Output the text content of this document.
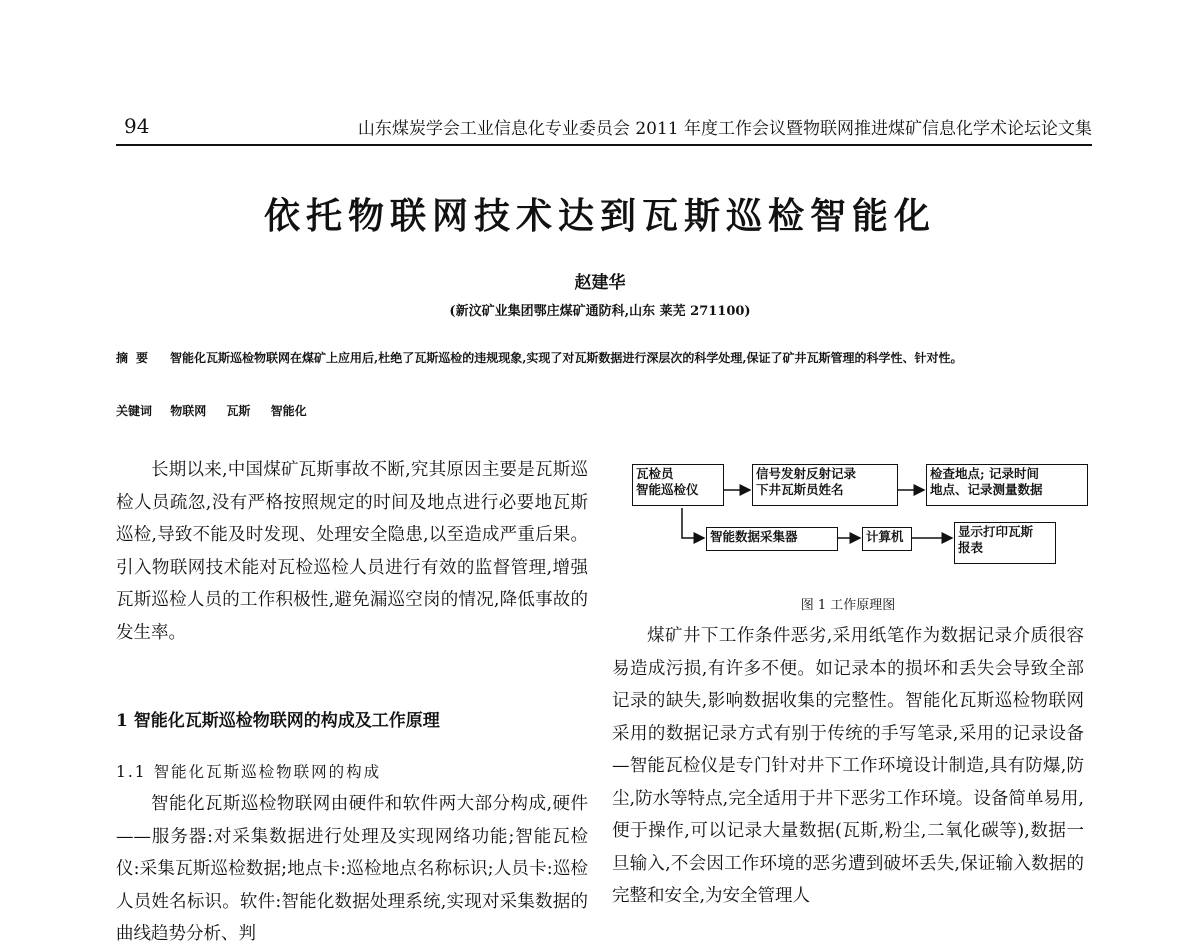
94	山东煤炭学会工业信息化专业委员会 2011 年度工作会议暨物联网推进煤矿信息化学术论坛论文集
依托物联网技术达到瓦斯巡检智能化
赵建华
(新汶矿业集团鄂庄煤矿通防科,山东 莱芜 271100)
摘要 智能化瓦斯巡检物联网在煤矿上应用后,杜绝了瓦斯巡检的违规现象,实现了对瓦斯数据进行深层次的科学处理,保证了矿井瓦斯管理的科学性、针对性。
关键词 物联网 瓦斯 智能化

长期以来,中国煤矿瓦斯事故不断,究其原因主要是瓦斯巡检人员疏忽,没有严格按照规定的时间及地点进行必要地瓦斯巡检,导致不能及时发现、处理安全隐患,以至造成严重后果。引入物联网技术能对瓦检巡检人员进行有效的监督管理,增强瓦斯巡检人员的工作积极性,避免漏巡空岗的情况,降低事故的发生率。

1 智能化瓦斯巡检物联网的构成及工作原理
1.1 智能化瓦斯巡检物联网的构成

智能化瓦斯巡检物联网由硬件和软件两大部分构成,硬件——服务器:对采集数据进行处理及实现网络功能;智能瓦检仪:采集瓦斯巡检数据;地点卡:巡检地点名称标识;人员卡:巡检人员姓名标识。软件:智能化数据处理系统,实现对采集数据的曲线趋势分析、判

瓦检员
智能巡检仪
信号发射反射记录
下井瓦斯员姓名
检查地点; 记录时间
地点、记录测量数据
智能数据采集器	计算机	显示打印瓦斯
报表
图 1 工作原理图

煤矿井下工作条件恶劣,采用纸笔作为数据记录介质很容易造成污损,有许多不便。如记录本的损坏和丢失会导致全部记录的缺失,影响数据收集的完整性。智能化瓦斯巡检物联网采用的数据记录方式有别于传统的手写笔录,采用的记录设备—智能瓦检仪是专门针对井下工作环境设计制造,具有防爆,防尘,防水等特点,完全适用于井下恶劣工作环境。设备简单易用,便于操作,可以记录大量数据(瓦斯,粉尘,二氧化碳等),数据一旦输入,不会因工作环境的恶劣遭到破坏丢失,保证输入数据的完整和安全,为安全管理人
